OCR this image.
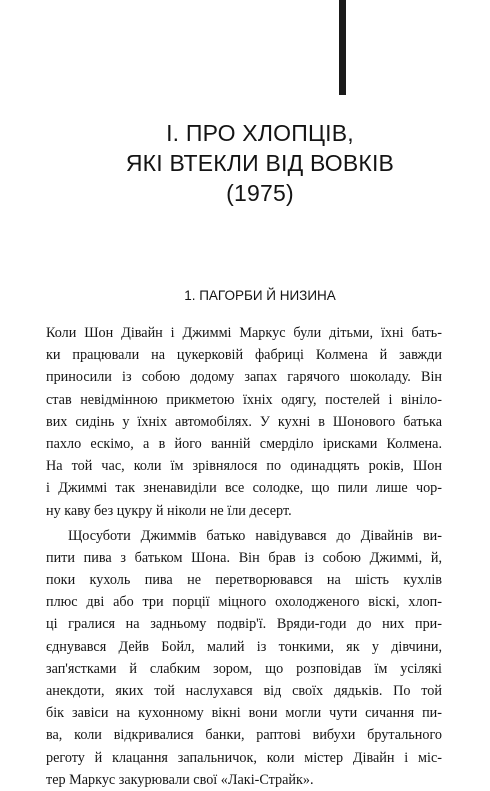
I. ПРО ХЛОПЦІВ,
ЯКІ ВТЕКЛИ ВІД ВОВКІВ
(1975)
1. ПАГОРБИ Й НИЗИНА
Коли Шон Дівайн і Джиммі Маркус були дітьми, їхні бать-
ки працювали на цукерковій фабриці Колмена й завжди
приносили із собою додому запах гарячого шоколаду. Він
став невідмінною прикметою їхніх одягу, постелей і вініло-
вих сидінь у їхніх автомобілях. У кухні в Шонового батька
пахло ескімо, а в його ванній смерділо ірисками Колмена.
На той час, коли їм зрівнялося по одинадцять років, Шон
і Джиммі так зненавиділи все солодке, що пили лише чор-
ну каву без цукру й ніколи не їли десерт.
Щосуботи Джиммів батько навідувався до Дівайнів ви-
пити пива з батьком Шона. Він брав із собою Джиммі, й,
поки кухоль пива не перетворювався на шість кухлів
плюс дві або три порції міцного охолодженого віскі, хлоп-
ці гралися на задньому подвір'ї. Вряди-годи до них при-
єднувався Дейв Бойл, малий із тонкими, як у дівчини,
зап'ястками й слабким зором, що розповідав їм усілякі
анекдоти, яких той наслухався від своїх дядьків. По той
бік завіси на кухонному вікні вони могли чути сичання пи-
ва, коли відкривалися банки, раптові вибухи брутального
реготу й клацання запальничок, коли містер Дівайн і міс-
тер Маркус закурювали свої «Лакі-Страйк».
